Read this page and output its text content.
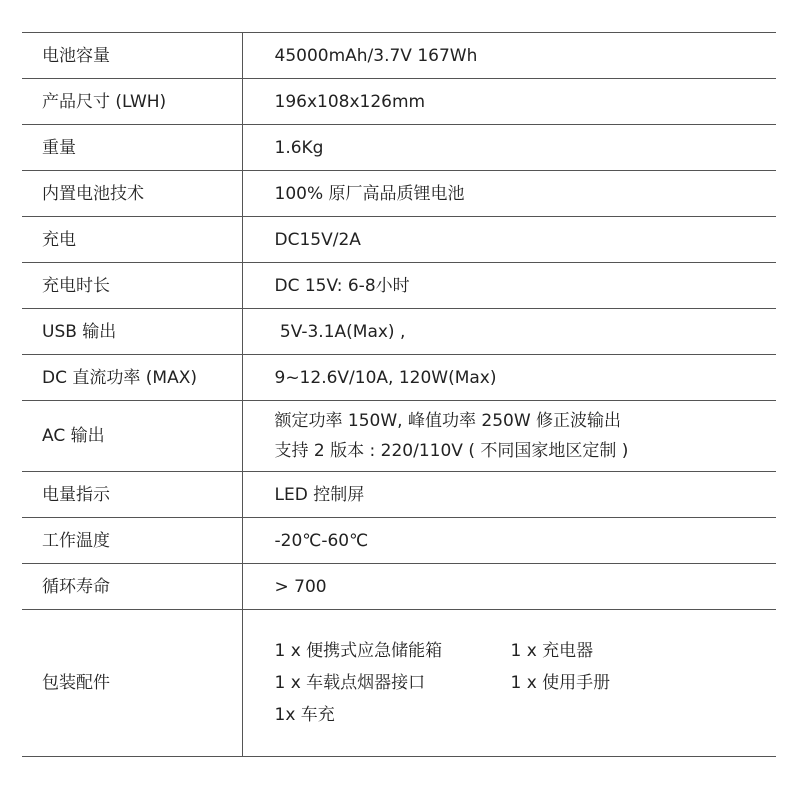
电池容量	45000mAh/3.7V 167Wh
产品尺寸 (LWH)	196x108x126mm
重量	1.6Kg
内置电池技术	100% 原厂高品质锂电池
充电	DC15V/2A
充电时长	DC 15V: 6-8小时
USB 输出	5V-3.1A(Max) ,
DC 直流功率 (MAX)	9~12.6V/10A, 120W(Max)
AC 输出	额定功率 150W, 峰值功率 250W 修正波输出
支持 2 版本 : 220/110V ( 不同国家地区定制 )

电量指示	LED 控制屏
工作温度	-20℃-60℃
循环寿命	> 700
包装配件	1 x 便携式应急储能箱 1 x 充电器
1 x 车载点烟器接口 1 x 使用手册
1x 车充
